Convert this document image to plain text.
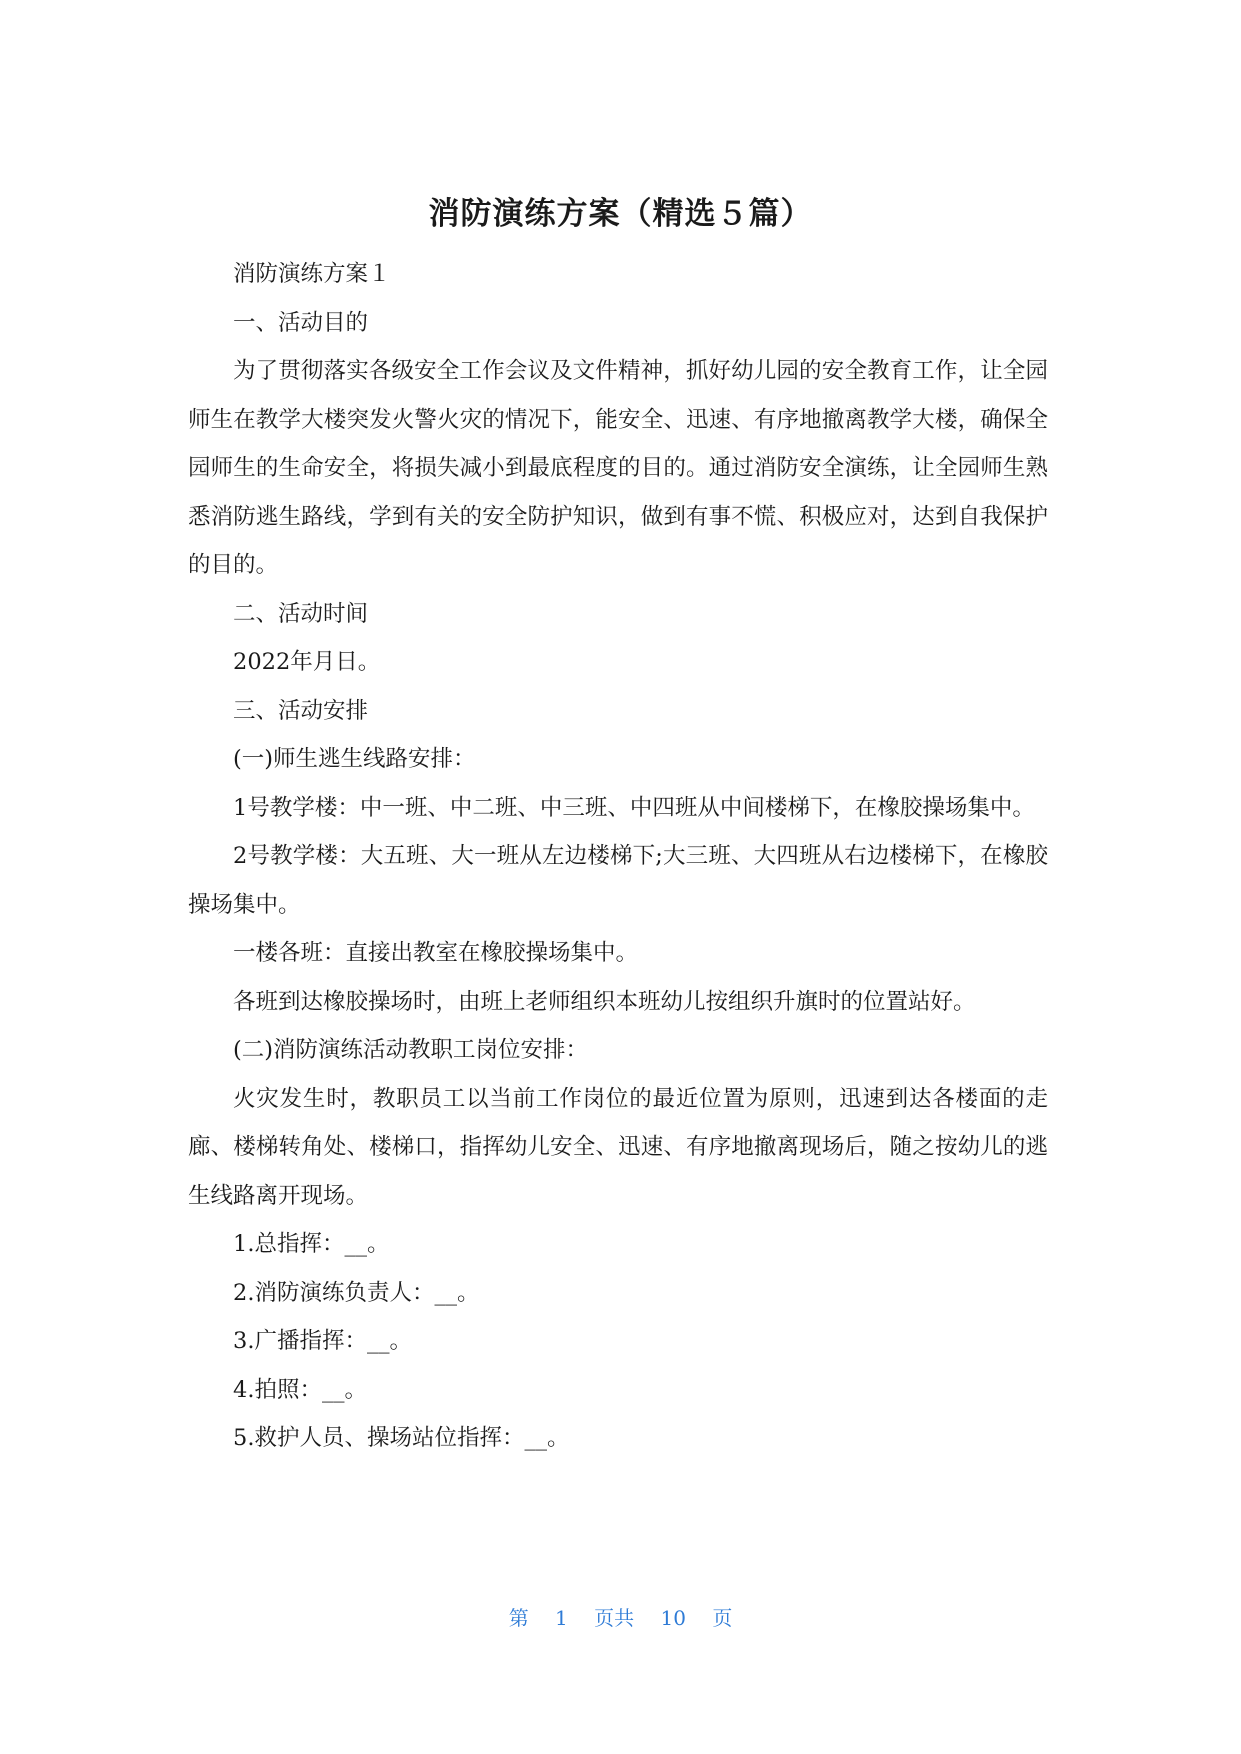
消防演练方案（精选５篇）

消防演练方案１

一、活动目的

为了贯彻落实各级安全工作会议及文件精神，抓好幼儿园的安全教育工作，让全园师生在教学大楼突发火警火灾的情况下，能安全、迅速、有序地撤离教学大楼，确保全园师生的生命安全，将损失减小到最底程度的目的。通过消防安全演练，让全园师生熟悉消防逃生路线，学到有关的安全防护知识，做到有事不慌、积极应对，达到自我保护的目的。

二、活动时间

2022年月日。

三、活动安排

(一)师生逃生线路安排：

1号教学楼：中一班、中二班、中三班、中四班从中间楼梯下，在橡胶操场集中。

2号教学楼：大五班、大一班从左边楼梯下;大三班、大四班从右边楼梯下，在橡胶操场集中。

一楼各班：直接出教室在橡胶操场集中。

各班到达橡胶操场时，由班上老师组织本班幼儿按组织升旗时的位置站好。

(二)消防演练活动教职工岗位安排：

火灾发生时，教职员工以当前工作岗位的最近位置为原则，迅速到达各楼面的走廊、楼梯转角处、楼梯口，指挥幼儿安全、迅速、有序地撤离现场后，随之按幼儿的逃生线路离开现场。

1.总指挥：__。

2.消防演练负责人：__。

3.广播指挥：__。

4.拍照：__。

5.救护人员、操场站位指挥：__。

第 1 页共 10 页
